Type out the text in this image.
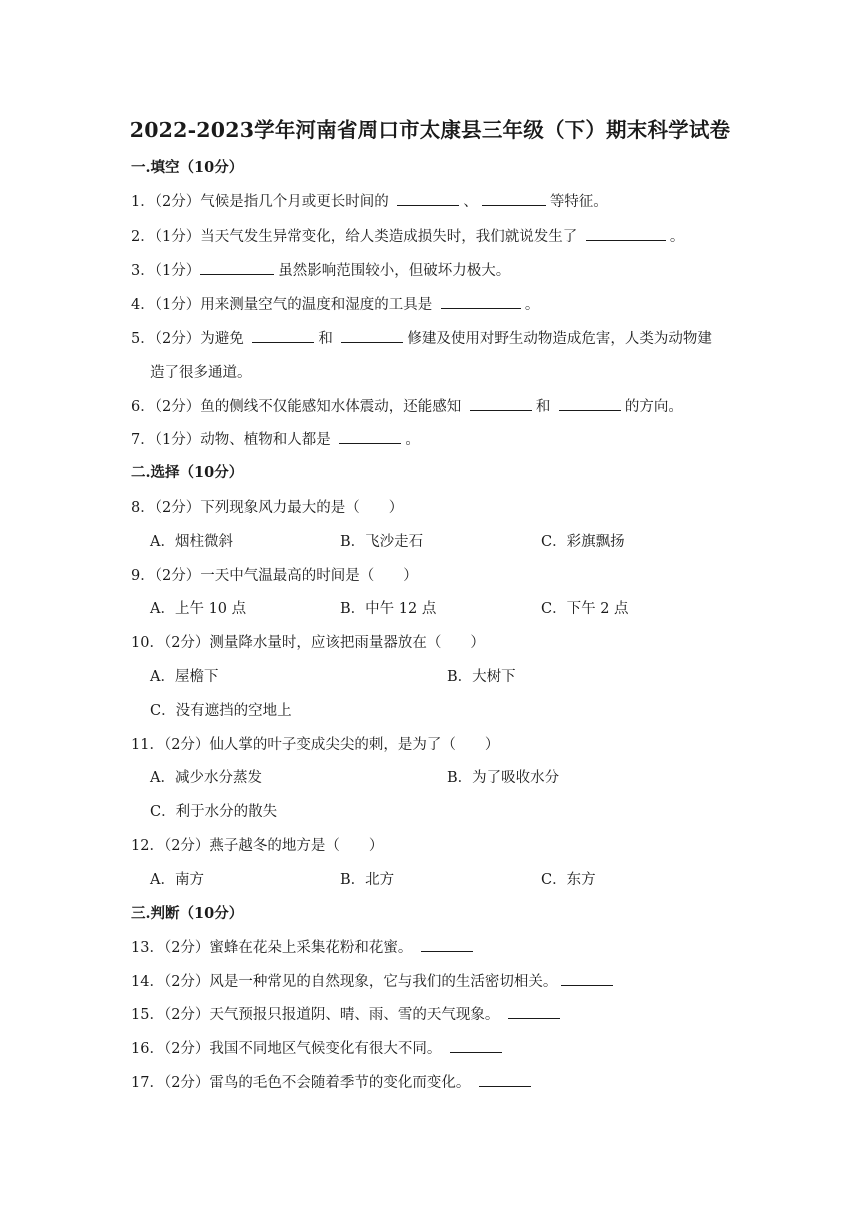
2022-2023学年河南省周口市太康县三年级（下）期末科学试卷
一.填空（10分）
1．（2分）气候是指几个月或更长时间的	、	等特征。
2．（1分）当天气发生异常变化，给人类造成损失时，我们就说发生了	。
3．（1分）	虽然影响范围较小，但破坏力极大。
4．（1分）用来测量空气的温度和湿度的工具是	。
5．（2分）为避免	和	修建及使用对野生动物造成危害，人类为动物建
造了很多通道。
6．（2分）鱼的侧线不仅能感知水体震动，还能感知	和	的方向。
7．（1分）动物、植物和人都是	。
二.选择（10分）
8．（2分）下列现象风力最大的是（　　）
A．烟柱微斜	B．飞沙走石	C．彩旗飘扬
9．（2分）一天中气温最高的时间是（　　）
A．上午 10 点	B．中午 12 点	C．下午 2 点
10．（2分）测量降水量时，应该把雨量器放在（　　）
A．屋檐下	B．大树下
C．没有遮挡的空地上
11．（2分）仙人掌的叶子变成尖尖的刺，是为了（　　）
A．减少水分蒸发	B．为了吸收水分
C．利于水分的散失
12．（2分）燕子越冬的地方是（　　）
A．南方	B．北方	C．东方
三.判断（10分）
13．（2分）蜜蜂在花朵上采集花粉和花蜜。
14．（2分）风是一种常见的自然现象，它与我们的生活密切相关。
15．（2分）天气预报只报道阴、晴、雨、雪的天气现象。
16．（2分）我国不同地区气候变化有很大不同。
17．（2分）雷鸟的毛色不会随着季节的变化而变化。
